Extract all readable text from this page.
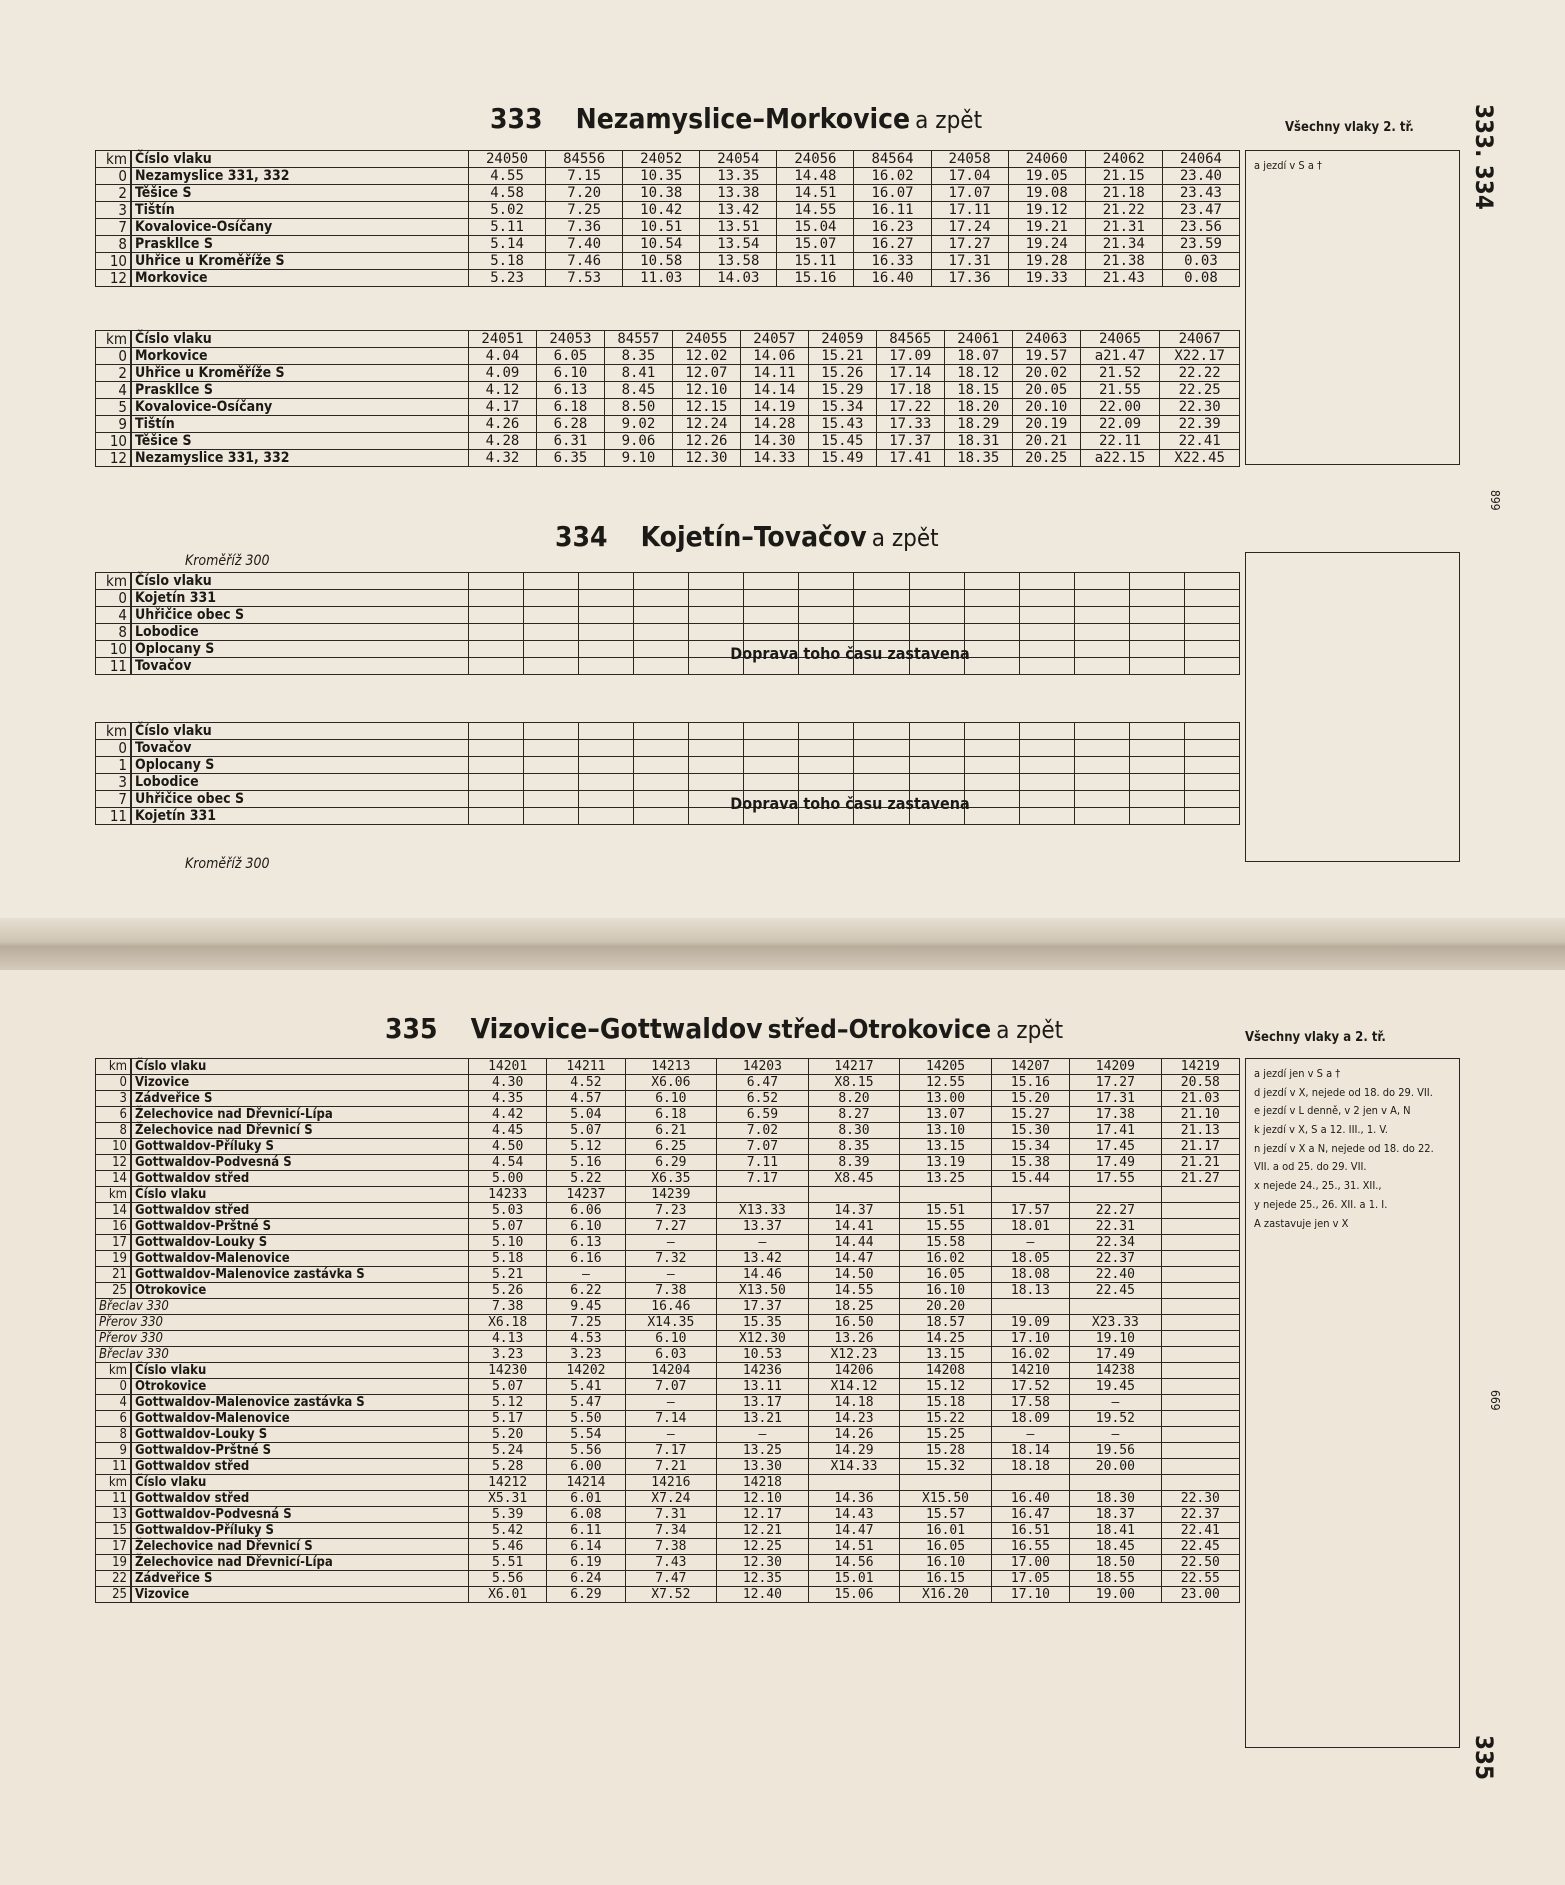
333 Nezamyslice–Morkovice a zpět	Všechny vlaky 2. tř. 333. 334
899
km	Číslo vlaku	24050	84556	24052	24054	24056	84564	24058	24060	24062	24064
0	Nezamyslice 331, 332	4.55	7.15	10.35	13.35	14.48	16.02	17.04	19.05	21.15	23.40
2	Těšice S	4.58	7.20	10.38	13.38	14.51	16.07	17.07	19.08	21.18	23.43
3	Tištín	5.02	7.25	10.42	13.42	14.55	16.11	17.11	19.12	21.22	23.47
7	Kovalovice-Osíčany	5.11	7.36	10.51	13.51	15.04	16.23	17.24	19.21	21.31	23.56
8	Praskllce S	5.14	7.40	10.54	13.54	15.07	16.27	17.27	19.24	21.34	23.59
10	Uhřice u Kroměříže S	5.18	7.46	10.58	13.58	15.11	16.33	17.31	19.28	21.38	0.03
12	Morkovice	5.23	7.53	11.03	14.03	15.16	16.40	17.36	19.33	21.43	0.08
a jezdí v S a †
km	Číslo vlaku	24051	24053	84557	24055	24057	24059	84565	24061	24063	24065	24067
0	Morkovice	4.04	6.05	8.35	12.02	14.06	15.21	17.09	18.07	19.57	a21.47	X22.17
2	Uhřice u Kroměříže S	4.09	6.10	8.41	12.07	14.11	15.26	17.14	18.12	20.02	21.52	22.22
4	Praskllce S	4.12	6.13	8.45	12.10	14.14	15.29	17.18	18.15	20.05	21.55	22.25
5	Kovalovice-Osíčany	4.17	6.18	8.50	12.15	14.19	15.34	17.22	18.20	20.10	22.00	22.30
9	Tištín	4.26	6.28	9.02	12.24	14.28	15.43	17.33	18.29	20.19	22.09	22.39
10	Těšice S	4.28	6.31	9.06	12.26	14.30	15.45	17.37	18.31	20.21	22.11	22.41
12	Nezamyslice 331, 332	4.32	6.35	9.10	12.30	14.33	15.49	17.41	18.35	20.25	a22.15	X22.45
334 Kojetín–Tovačov a zpět
Kroměříž 300
km	Číslo vlaku														
0	Kojetín 331														
4	Uhřičice obec S														
8	Lobodice														
10	Oplocany S														
11	Tovačov														
Doprava toho času zastavena
km	Číslo vlaku														
0	Tovačov														
1	Oplocany S														
3	Lobodice														
7	Uhřičice obec S														
11	Kojetín 331														
Doprava toho času zastavena
Kroměříž 300
335 Vizovice–Gottwaldov střed–Otrokovice a zpět	Všechny vlaky a 2. tř.
335
669
km	Číslo vlaku	14201	14211	14213	14203	14217	14205	14207	14209	14219
0	Vizovice	4.30	4.52	X6.06	6.47	X8.15	12.55	15.16	17.27	20.58
3	Zádveřice S	4.35	4.57	6.10	6.52	8.20	13.00	15.20	17.31	21.03
6	Želechovice nad Dřevnicí-Lípa	4.42	5.04	6.18	6.59	8.27	13.07	15.27	17.38	21.10
8	Želechovice nad Dřevnicí S	4.45	5.07	6.21	7.02	8.30	13.10	15.30	17.41	21.13
10	Gottwaldov-Příluky S	4.50	5.12	6.25	7.07	8.35	13.15	15.34	17.45	21.17
12	Gottwaldov-Podvesná S	4.54	5.16	6.29	7.11	8.39	13.19	15.38	17.49	21.21
14	Gottwaldov střed	5.00	5.22	X6.35	7.17	X8.45	13.25	15.44	17.55	21.27
km	Číslo vlaku	14233	14237	14239						
14	Gottwaldov střed	5.03	6.06	7.23	X13.33	14.37	15.51	17.57	22.27	
16	Gottwaldov-Prštné S	5.07	6.10	7.27	13.37	14.41	15.55	18.01	22.31	
17	Gottwaldov-Louky S	5.10	6.13	—	—	14.44	15.58	—	22.34	
19	Gottwaldov-Malenovice	5.18	6.16	7.32	13.42	14.47	16.02	18.05	22.37	
21	Gottwaldov-Malenovice zastávka S	5.21	—	—	14.46	14.50	16.05	18.08	22.40	
25	Otrokovice	5.26	6.22	7.38	X13.50	14.55	16.10	18.13	22.45	
Břeclav 330		7.38	9.45	16.46	17.37	18.25	20.20			
Přerov 330		X6.18	7.25	X14.35	15.35	16.50	18.57	19.09	X23.33	
Přerov 330		4.13	4.53	6.10	X12.30	13.26	14.25	17.10	19.10	
Břeclav 330		3.23	3.23	6.03	10.53	X12.23	13.15	16.02	17.49	
km	Číslo vlaku	14230	14202	14204	14236	14206	14208	14210	14238	
0	Otrokovice	5.07	5.41	7.07	13.11	X14.12	15.12	17.52	19.45	
4	Gottwaldov-Malenovice zastávka S	5.12	5.47	—	13.17	14.18	15.18	17.58	—	
6	Gottwaldov-Malenovice	5.17	5.50	7.14	13.21	14.23	15.22	18.09	19.52	
8	Gottwaldov-Louky S	5.20	5.54	—	—	14.26	15.25	—	—	
9	Gottwaldov-Prštné S	5.24	5.56	7.17	13.25	14.29	15.28	18.14	19.56	
11	Gottwaldov střed	5.28	6.00	7.21	13.30	X14.33	15.32	18.18	20.00	
km	Číslo vlaku	14212	14214	14216	14218					
11	Gottwaldov střed	X5.31	6.01	X7.24	12.10	14.36	X15.50	16.40	18.30	22.30
13	Gottwaldov-Podvesná S	5.39	6.08	7.31	12.17	14.43	15.57	16.47	18.37	22.37
15	Gottwaldov-Příluky S	5.42	6.11	7.34	12.21	14.47	16.01	16.51	18.41	22.41
17	Želechovice nad Dřevnicí S	5.46	6.14	7.38	12.25	14.51	16.05	16.55	18.45	22.45
19	Želechovice nad Dřevnicí-Lípa	5.51	6.19	7.43	12.30	14.56	16.10	17.00	18.50	22.50
22	Zádveřice S	5.56	6.24	7.47	12.35	15.01	16.15	17.05	18.55	22.55
25	Vizovice	X6.01	6.29	X7.52	12.40	15.06	X16.20	17.10	19.00	23.00
a jezdí jen v S a †
d jezdí v X, nejede od 18. do 29. VII.
e jezdí v L denně, v 2 jen v A, N
k jezdí v X, S a 12. III., 1. V.
n jezdí v X a N, nejede od 18. do 22. VII. a od 25. do 29. VII.
x nejede 24., 25., 31. XII.,
y nejede 25., 26. XII. a 1. I.
A zastavuje jen v X
